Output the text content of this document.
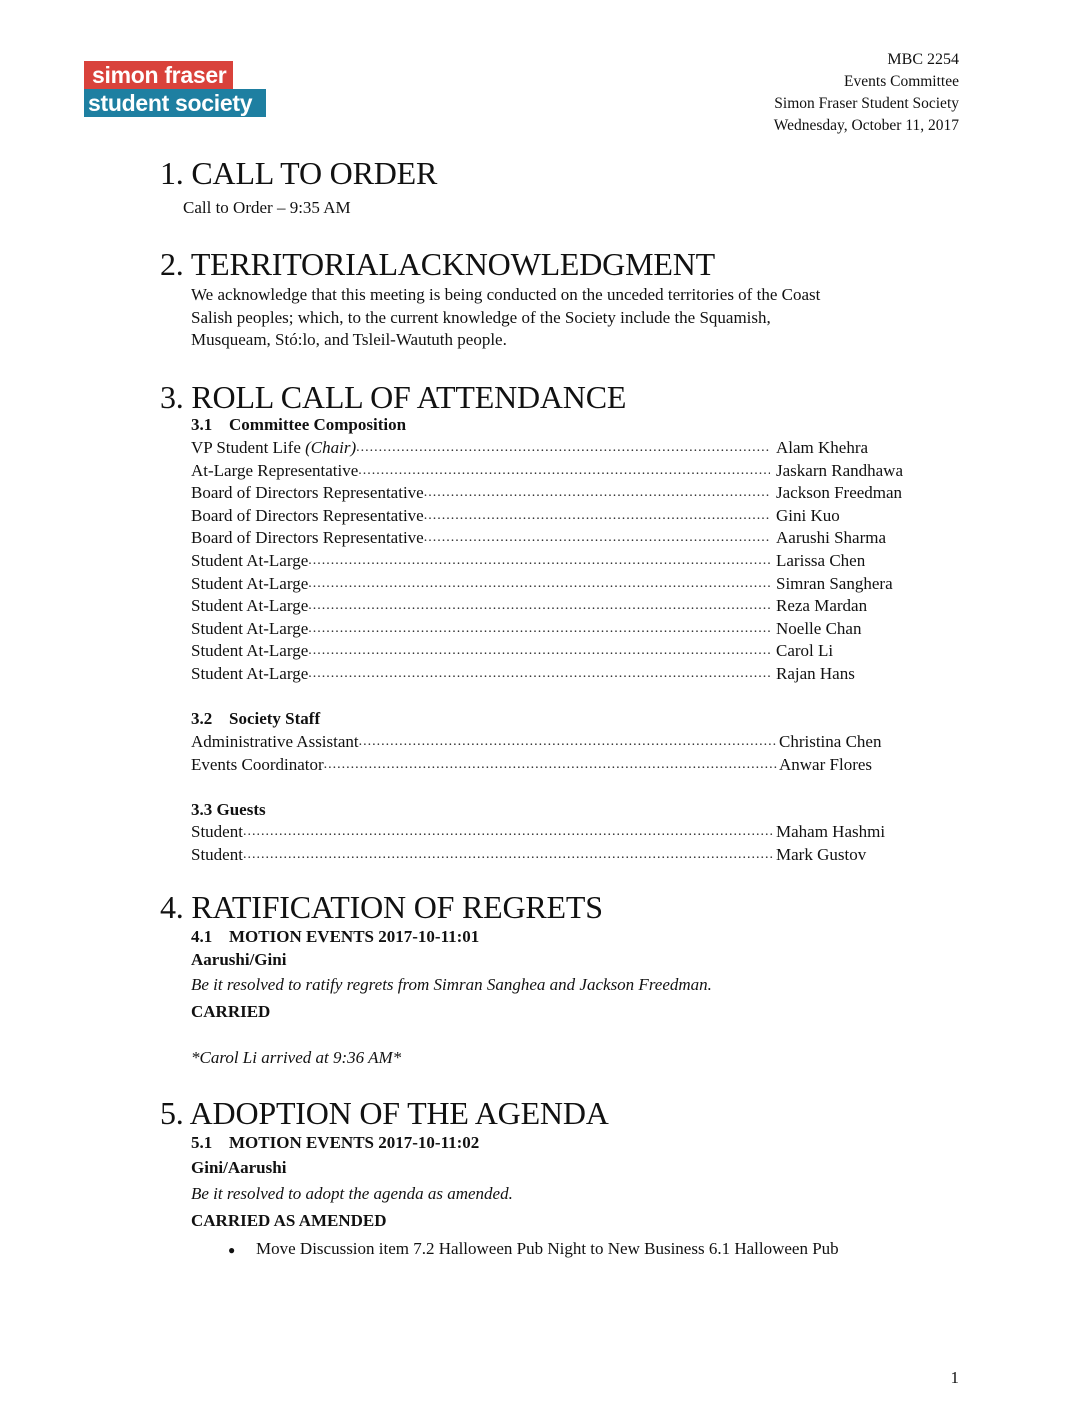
simon fraser
student society
MBC 2254
Events Committee
Simon Fraser Student Society
Wednesday, October 11, 2017
1. CALL TO ORDER
Call to Order – 9:35 AM
2. TERRITORIALACKNOWLEDGMENT
We acknowledge that this meeting is being conducted on the unceded territories of the Coast
Salish peoples; which, to the current knowledge of the Society include the Squamish,
Musqueam, Stó:lo, and Tsleil-Waututh people.
3. ROLL CALL OF ATTENDANCE
3.1 Committee Composition
VP Student Life (Chair) .....	Alam Khehra
At-Large Representative .....	Jaskarn Randhawa
Board of Directors Representative .....	Jackson Freedman
Board of Directors Representative .....	Gini Kuo
Board of Directors Representative .....	Aarushi Sharma
Student At-Large .....	Larissa Chen
Student At-Large .....	Simran Sanghera
Student At-Large .....	Reza Mardan
Student At-Large .....	Noelle Chan
Student At-Large .....	Carol Li
Student At-Large .....	Rajan Hans
3.2 Society Staff
Administrative Assistant .....	Christina Chen
Events Coordinator .....	Anwar Flores
3.3 Guests
Student .....	Maham Hashmi
Student .....	Mark Gustov
4. RATIFICATION OF REGRETS
4.1 MOTION EVENTS 2017-10-11:01
Aarushi/Gini
Be it resolved to ratify regrets from Simran Sanghea and Jackson Freedman.
CARRIED
*Carol Li arrived at 9:36 AM*
5. ADOPTION OF THE AGENDA
5.1 MOTION EVENTS 2017-10-11:02
Gini/Aarushi
Be it resolved to adopt the agenda as amended.
CARRIED AS AMENDED
● Move Discussion item 7.2 Halloween Pub Night to New Business 6.1 Halloween Pub
1
